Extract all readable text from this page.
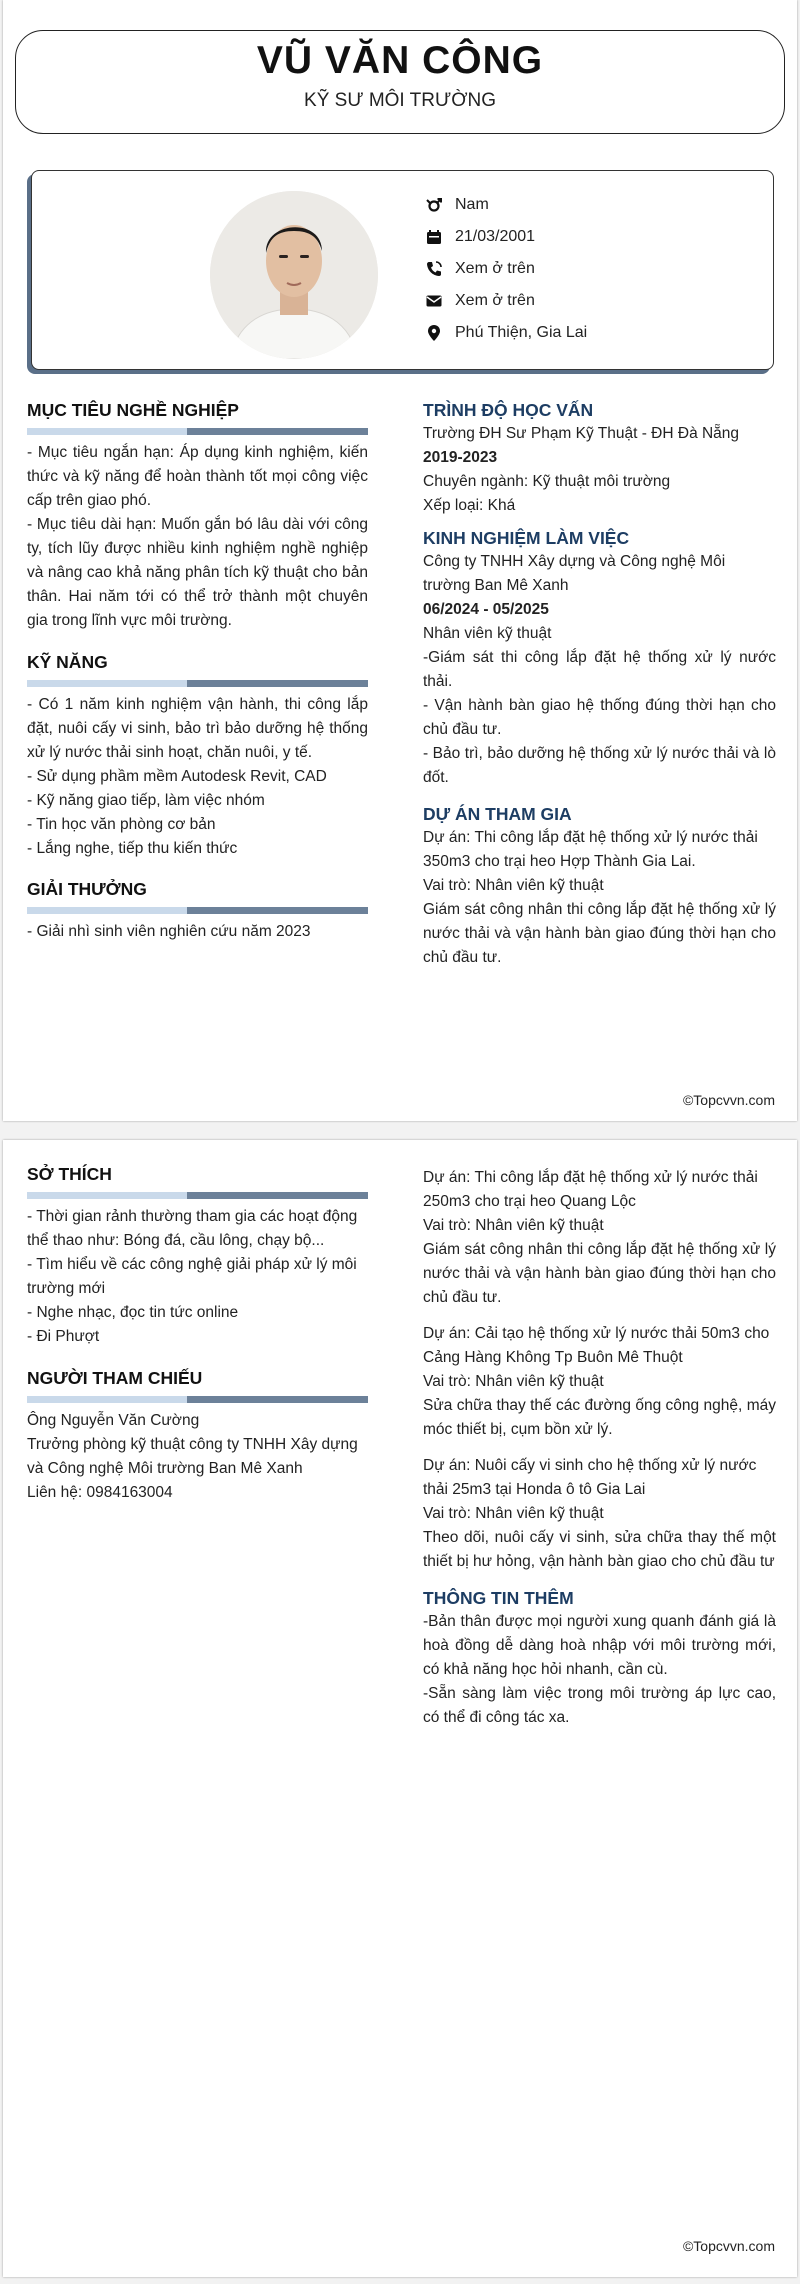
VŨ VĂN CÔNG
KỸ SƯ MÔI TRƯỜNG
Nam
21/03/2001
Xem ở trên
Xem ở trên
Phú Thiện, Gia Lai
MỤC TIÊU NGHỀ NGHIỆP

- Mục tiêu ngắn hạn: Áp dụng kinh nghiệm, kiến thức và kỹ năng để hoàn thành tốt mọi công việc cấp trên giao phó.

- Mục tiêu dài hạn: Muốn gắn bó lâu dài với công ty, tích lũy được nhiều kinh nghiệm nghề nghiệp và nâng cao khả năng phân tích kỹ thuật cho bản thân. Hai năm tới có thể trở thành một chuyên gia trong lĩnh vực môi trường.

KỸ NĂNG

- Có 1 năm kinh nghiệm vận hành, thi công lắp đặt, nuôi cấy vi sinh, bảo trì bảo dưỡng hệ thống xử lý nước thải sinh hoạt, chăn nuôi, y tế.

- Sử dụng phầm mềm Autodesk Revit, CAD

- Kỹ năng giao tiếp, làm việc nhóm

- Tin học văn phòng cơ bản

- Lắng nghe, tiếp thu kiến thức

GIẢI THƯỞNG

- Giải nhì sinh viên nghiên cứu năm 2023

TRÌNH ĐỘ HỌC VẤN

Trường ĐH Sư Phạm Kỹ Thuật - ĐH Đà Nẵng

2019-2023

Chuyên ngành: Kỹ thuật môi trường

Xếp loại: Khá

KINH NGHIỆM LÀM VIỆC

Công ty TNHH Xây dựng và Công nghệ Môi trường Ban Mê Xanh

06/2024 - 05/2025

Nhân viên kỹ thuật

-Giám sát thi công lắp đặt hệ thống xử lý nước thải.

- Vận hành bàn giao hệ thống đúng thời hạn cho chủ đầu tư.

- Bảo trì, bảo dưỡng hệ thống xử lý nước thải và lò đốt.

DỰ ÁN THAM GIA

Dự án: Thi công lắp đặt hệ thống xử lý nước thải 350m3 cho trại heo Hợp Thành Gia Lai.

Vai trò: Nhân viên kỹ thuật

Giám sát công nhân thi công lắp đặt hệ thống xử lý nước thải và vận hành bàn giao đúng thời hạn cho chủ đầu tư.

©Topcvvn.com
SỞ THÍCH

- Thời gian rảnh thường tham gia các hoạt động thể thao như: Bóng đá, cầu lông, chạy bộ...

- Tìm hiểu về các công nghệ giải pháp xử lý môi trường mới

- Nghe nhạc, đọc tin tức online

- Đi Phượt

NGƯỜI THAM CHIẾU

Ông Nguyễn Văn Cường

Trưởng phòng kỹ thuật công ty TNHH Xây dựng và Công nghệ Môi trường Ban Mê Xanh

Liên hệ: 0984163004

Dự án: Thi công lắp đặt hệ thống xử lý nước thải 250m3 cho trại heo Quang Lộc

Vai trò: Nhân viên kỹ thuật

Giám sát công nhân thi công lắp đặt hệ thống xử lý nước thải và vận hành bàn giao đúng thời hạn cho chủ đầu tư.

Dự án: Cải tạo hệ thống xử lý nước thải 50m3 cho Cảng Hàng Không Tp Buôn Mê Thuột

Vai trò: Nhân viên kỹ thuật

Sửa chữa thay thế các đường ống công nghệ, máy móc thiết bị, cụm bồn xử lý.

Dự án: Nuôi cấy vi sinh cho hệ thống xử lý nước thải 25m3 tại Honda ô tô Gia Lai

Vai trò: Nhân viên kỹ thuật

Theo dõi, nuôi cấy vi sinh, sửa chữa thay thế một thiết bị hư hỏng, vận hành bàn giao cho chủ đầu tư

THÔNG TIN THÊM

-Bản thân được mọi người xung quanh đánh giá là hoà đồng dễ dàng hoà nhập với môi trường mới, có khả năng học hỏi nhanh, cần cù.

-Sẵn sàng làm việc trong môi trường áp lực cao, có thể đi công tác xa.

©Topcvvn.com
